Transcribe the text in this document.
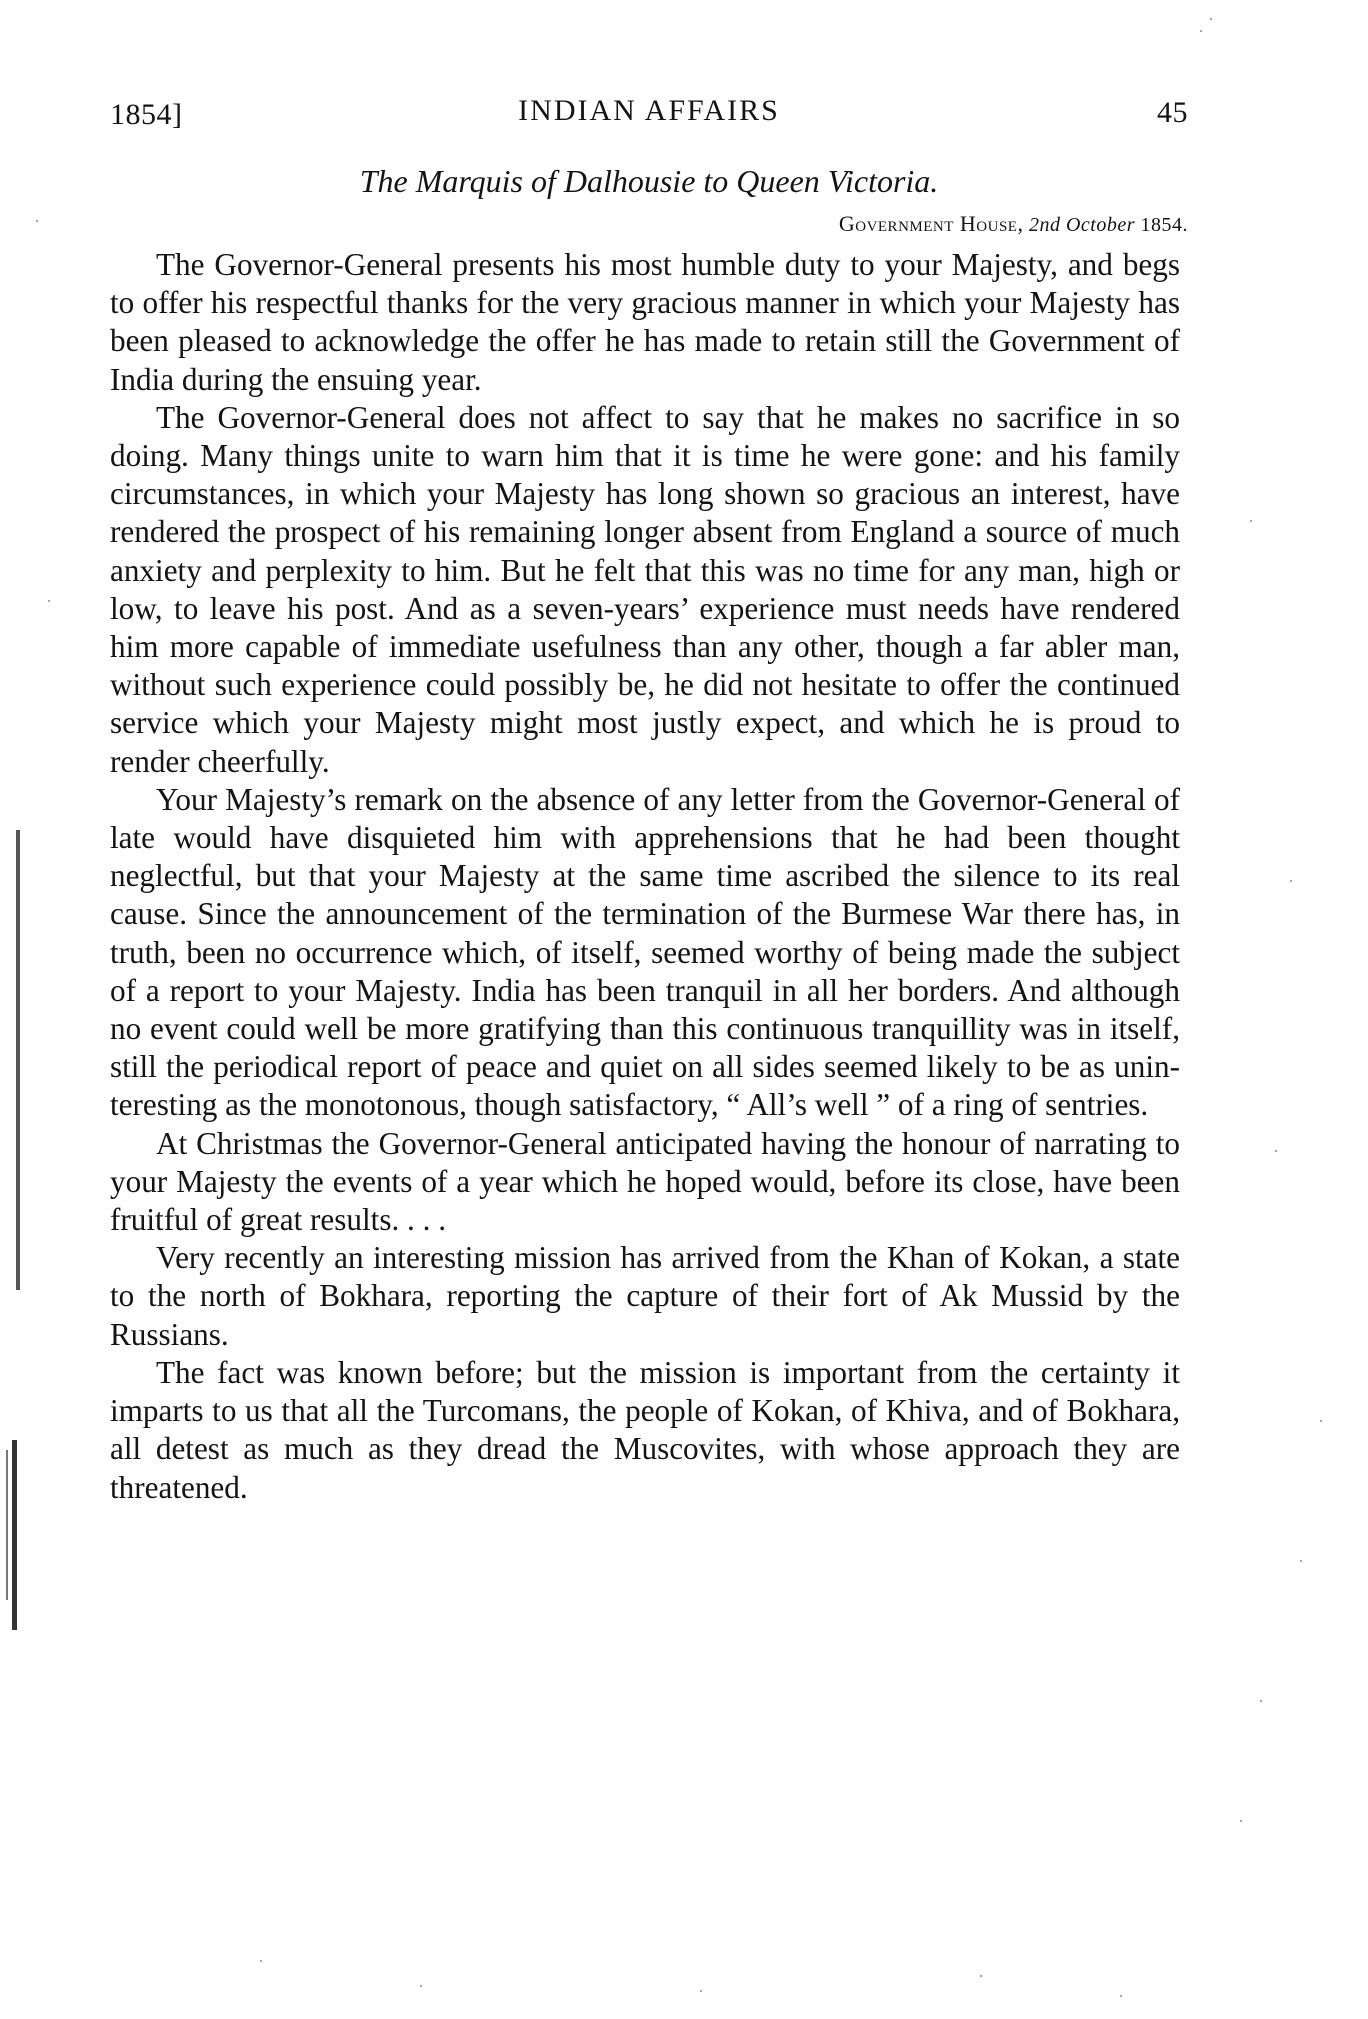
1854]	INDIAN AFFAIRS	45
The Marquis of Dalhousie to Queen Victoria.
Government House, 2nd October 1854.

The Governor-General presents his most humble duty to your Majesty, and begs to offer his respectful thanks for the very gracious manner in which your Majesty has been pleased to acknowledge the offer he has made to retain still the Government of India during the ensuing year.

The Governor-General does not affect to say that he makes no sacrifice in so doing. Many things unite to warn him that it is time he were gone: and his family circumstances, in which your Majesty has long shown so gracious an interest, have rendered the prospect of his remaining longer absent from England a source of much anxiety and perplexity to him. But he felt that this was no time for any man, high or low, to leave his post. And as a seven-years’ experience must needs have rendered him more capable of immediate usefulness than any other, though a far abler man, without such experience could possibly be, he did not hesitate to offer the continued service which your Majesty might most justly expect, and which he is proud to render cheerfully.

Your Majesty’s remark on the absence of any letter from the Governor-General of late would have disquieted him with apprehensions that he had been thought neglectful, but that your Majesty at the same time ascribed the silence to its real cause. Since the announcement of the termination of the Burmese War there has, in truth, been no occurrence which, of itself, seemed worthy of being made the subject of a report to your Majesty. India has been tranquil in all her borders. And although no event could well be more gratifying than this continuous tranquillity was in itself, still the periodical report of peace and quiet on all sides seemed likely to be as uninteresting as the monotonous, though satisfactory, “ All’s well ” of a ring of sentries.

At Christmas the Governor-General anticipated having the honour of narrating to your Majesty the events of a year which he hoped would, before its close, have been fruitful of great results. . . .

Very recently an interesting mission has arrived from the Khan of Kokan, a state to the north of Bokhara, reporting the capture of their fort of Ak Mussid by the Russians.

The fact was known before; but the mission is important from the certainty it imparts to us that all the Turcomans, the people of Kokan, of Khiva, and of Bokhara, all detest as much as they dread the Muscovites, with whose approach they are threatened.
